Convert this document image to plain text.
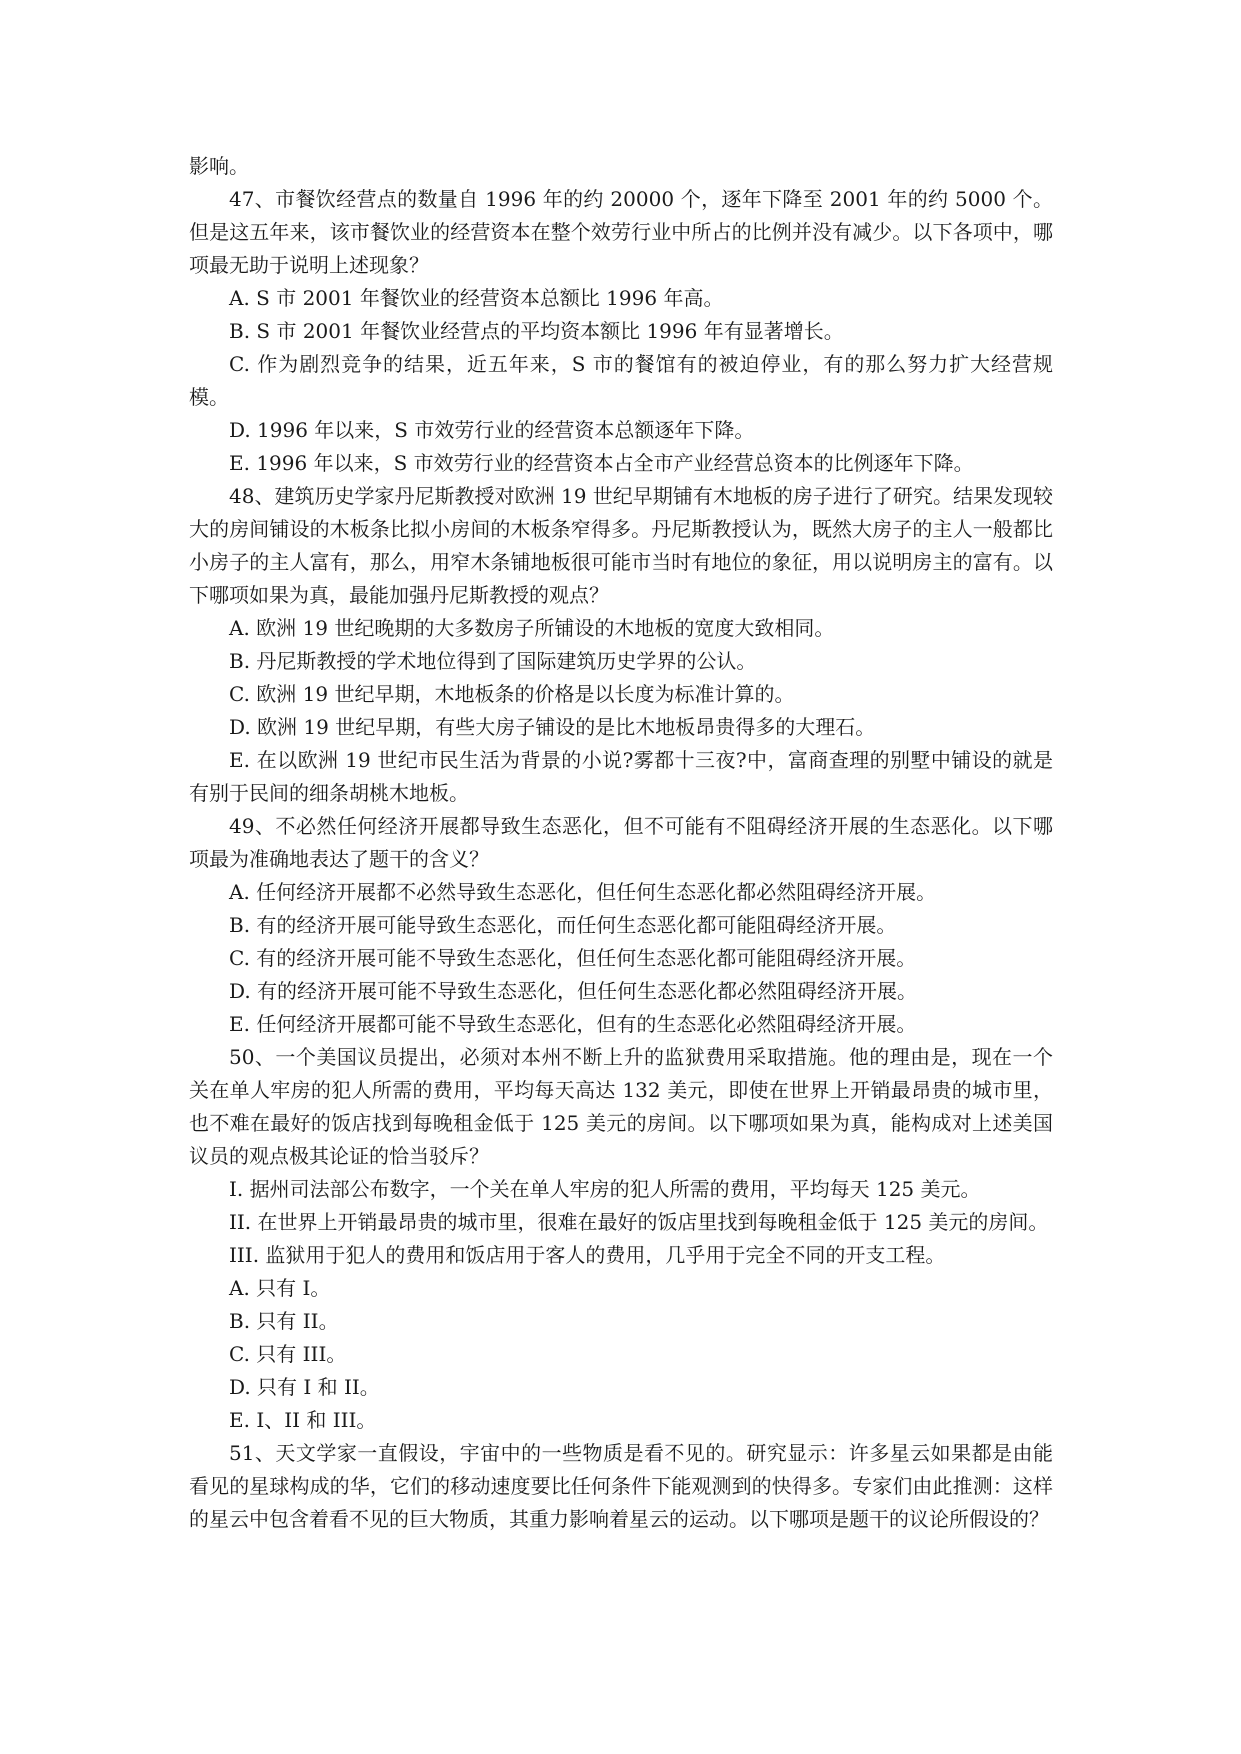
影响。

47、市餐饮经营点的数量自 1996 年的约 20000 个，逐年下降至 2001 年的约 5000 个。但是这五年来，该市餐饮业的经营资本在整个效劳行业中所占的比例并没有减少。以下各项中，哪项最无助于说明上述现象？

A. S 市 2001 年餐饮业的经营资本总额比 1996 年高。

B. S 市 2001 年餐饮业经营点的平均资本额比 1996 年有显著增长。

C. 作为剧烈竞争的结果，近五年来，S 市的餐馆有的被迫停业，有的那么努力扩大经营规模。

D. 1996 年以来，S 市效劳行业的经营资本总额逐年下降。

E. 1996 年以来，S 市效劳行业的经营资本占全市产业经营总资本的比例逐年下降。

48、建筑历史学家丹尼斯教授对欧洲 19 世纪早期铺有木地板的房子进行了研究。结果发现较大的房间铺设的木板条比拟小房间的木板条窄得多。丹尼斯教授认为，既然大房子的主人一般都比小房子的主人富有，那么，用窄木条铺地板很可能市当时有地位的象征，用以说明房主的富有。以下哪项如果为真，最能加强丹尼斯教授的观点？

A. 欧洲 19 世纪晚期的大多数房子所铺设的木地板的宽度大致相同。

B. 丹尼斯教授的学术地位得到了国际建筑历史学界的公认。

C. 欧洲 19 世纪早期，木地板条的价格是以长度为标准计算的。

D. 欧洲 19 世纪早期，有些大房子铺设的是比木地板昂贵得多的大理石。

E. 在以欧洲 19 世纪市民生活为背景的小说?雾都十三夜?中，富商查理的别墅中铺设的就是有别于民间的细条胡桃木地板。

49、不必然任何经济开展都导致生态恶化，但不可能有不阻碍经济开展的生态恶化。以下哪项最为准确地表达了题干的含义？

A. 任何经济开展都不必然导致生态恶化，但任何生态恶化都必然阻碍经济开展。

B. 有的经济开展可能导致生态恶化，而任何生态恶化都可能阻碍经济开展。

C. 有的经济开展可能不导致生态恶化，但任何生态恶化都可能阻碍经济开展。

D. 有的经济开展可能不导致生态恶化，但任何生态恶化都必然阻碍经济开展。

E. 任何经济开展都可能不导致生态恶化，但有的生态恶化必然阻碍经济开展。

50、一个美国议员提出，必须对本州不断上升的监狱费用采取措施。他的理由是，现在一个关在单人牢房的犯人所需的费用，平均每天高达 132 美元，即使在世界上开销最昂贵的城市里，也不难在最好的饭店找到每晚租金低于 125 美元的房间。以下哪项如果为真，能构成对上述美国议员的观点极其论证的恰当驳斥？

I. 据州司法部公布数字，一个关在单人牢房的犯人所需的费用，平均每天 125 美元。

II. 在世界上开销最昂贵的城市里，很难在最好的饭店里找到每晚租金低于 125 美元的房间。

III. 监狱用于犯人的费用和饭店用于客人的费用，几乎用于完全不同的开支工程。

A. 只有 I。

B. 只有 II。

C. 只有 III。

D. 只有 I 和 II。

E. I、II 和 III。

51、天文学家一直假设，宇宙中的一些物质是看不见的。研究显示：许多星云如果都是由能看见的星球构成的华，它们的移动速度要比任何条件下能观测到的快得多。专家们由此推测：这样的星云中包含着看不见的巨大物质，其重力影响着星云的运动。以下哪项是题干的议论所假设的？
